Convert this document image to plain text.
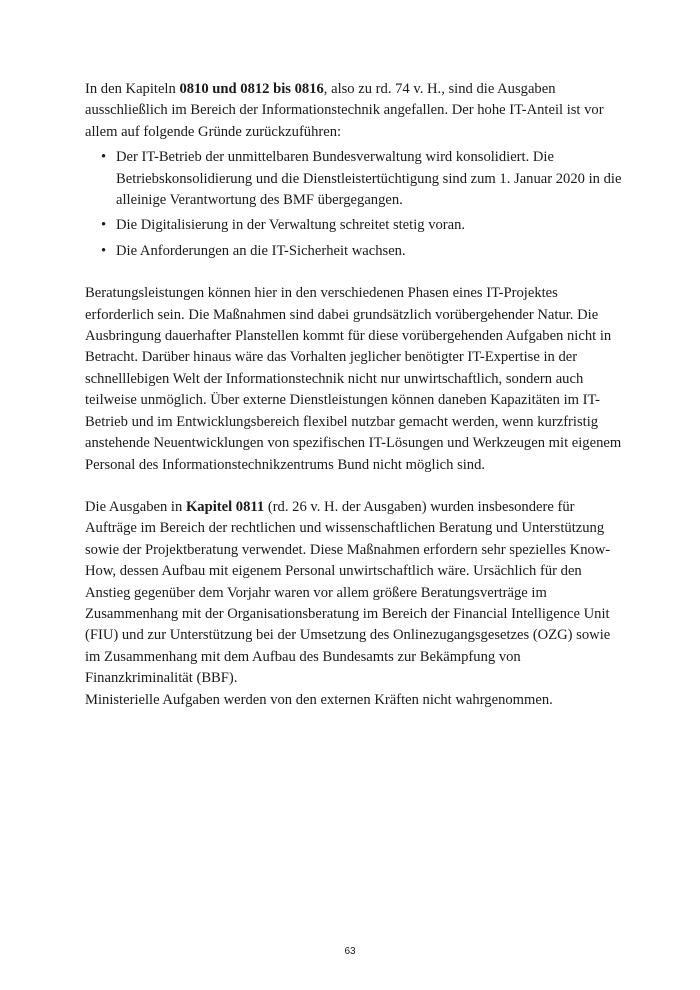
In den Kapiteln 0810 und 0812 bis 0816, also zu rd. 74 v. H., sind die Ausgaben ausschließlich im Bereich der Informationstechnik angefallen. Der hohe IT-Anteil ist vor allem auf folgende Gründe zurückzuführen:

• Der IT-Betrieb der unmittelbaren Bundesverwaltung wird konsolidiert. Die Betriebskonsolidierung und die Dienstleistertüchtigung sind zum 1. Januar 2020 in die alleinige Verantwortung des BMF übergegangen.
• Die Digitalisierung in der Verwaltung schreitet stetig voran.
• Die Anforderungen an die IT-Sicherheit wachsen.

Beratungsleistungen können hier in den verschiedenen Phasen eines IT-Projektes erforderlich sein. Die Maßnahmen sind dabei grundsätzlich vorübergehender Natur. Die Ausbringung dauerhafter Planstellen kommt für diese vorübergehenden Aufgaben nicht in Betracht. Darüber hinaus wäre das Vorhalten jeglicher benötigter IT-Expertise in der schnelllebigen Welt der Informationstechnik nicht nur unwirtschaftlich, sondern auch teilweise unmöglich. Über externe Dienstleistungen können daneben Kapazitäten im IT-Betrieb und im Entwicklungsbereich flexibel nutzbar gemacht werden, wenn kurzfristig anstehende Neuentwicklungen von spezifischen IT-Lösungen und Werkzeugen mit eigenem Personal des Informationstechnikzentrums Bund nicht möglich sind.

Die Ausgaben in Kapitel 0811 (rd. 26 v. H. der Ausgaben) wurden insbesondere für Aufträge im Bereich der rechtlichen und wissenschaftlichen Beratung und Unterstützung sowie der Projektberatung verwendet. Diese Maßnahmen erfordern sehr spezielles Know-How, dessen Aufbau mit eigenem Personal unwirtschaftlich wäre. Ursächlich für den Anstieg gegenüber dem Vorjahr waren vor allem größere Beratungsverträge im Zusammenhang mit der Organisationsberatung im Bereich der Financial Intelligence Unit (FIU) und zur Unterstützung bei der Umsetzung des Onlinezugangsgesetzes (OZG) sowie im Zusammenhang mit dem Aufbau des Bundesamts zur Bekämpfung von Finanzkriminalität (BBF).
Ministerielle Aufgaben werden von den externen Kräften nicht wahrgenommen.

63
